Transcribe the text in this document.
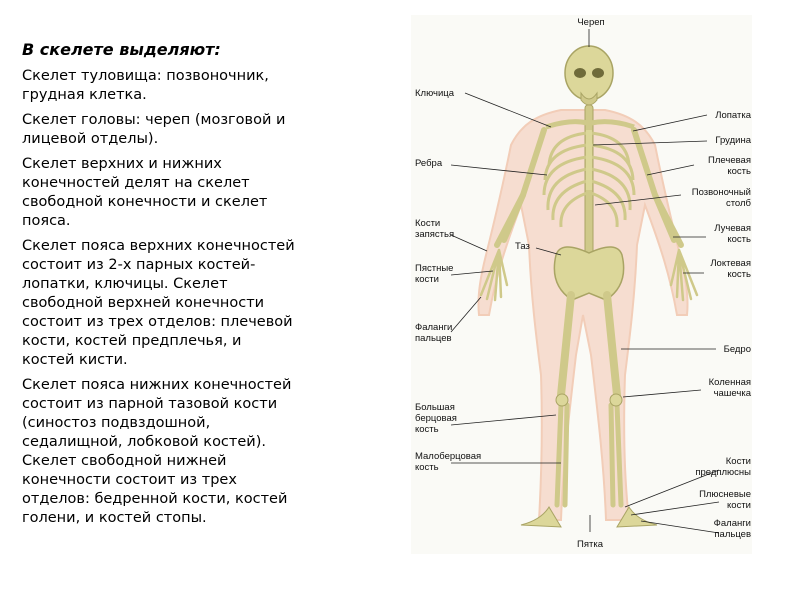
В скелете выделяют:

Скелет туловища: позвоночник,
грудная клетка.

Скелет головы: череп (мозговой и
лицевой отделы).

Скелет верхних и нижних
конечностей делят на скелет
свободной конечности и скелет
пояса.

Скелет пояса верхних конечностей
состоит из 2-х парных костей-
лопатки, ключицы. Скелет
свободной верхней конечности
состоит из трех отделов: плечевой
кости, костей предплечья, и
костей кисти.

Скелет пояса нижних конечностей
состоит из парной тазовой кости
(синостоз подвздошной,
седалищной, лобковой костей).
Скелет свободной нижней
конечности состоит из трех
отделов: бедренной кости, костей
голени, и костей стопы.

Череп
Ключица
Лопатка
Грудина
Ребра	Плечевая
кость
Позвоночный
столб
Кости
запястья
Таз
Лучевая
кость
Пястные
кости
Локтевая
кость
Фаланги
пальцев
Бедро
Коленная
чашечка
Большая
берцовая
кость
Малоберцовая
кость
Кости
предплюсны
Плюсневые
кости
Фаланги
пальцев
Пятка
